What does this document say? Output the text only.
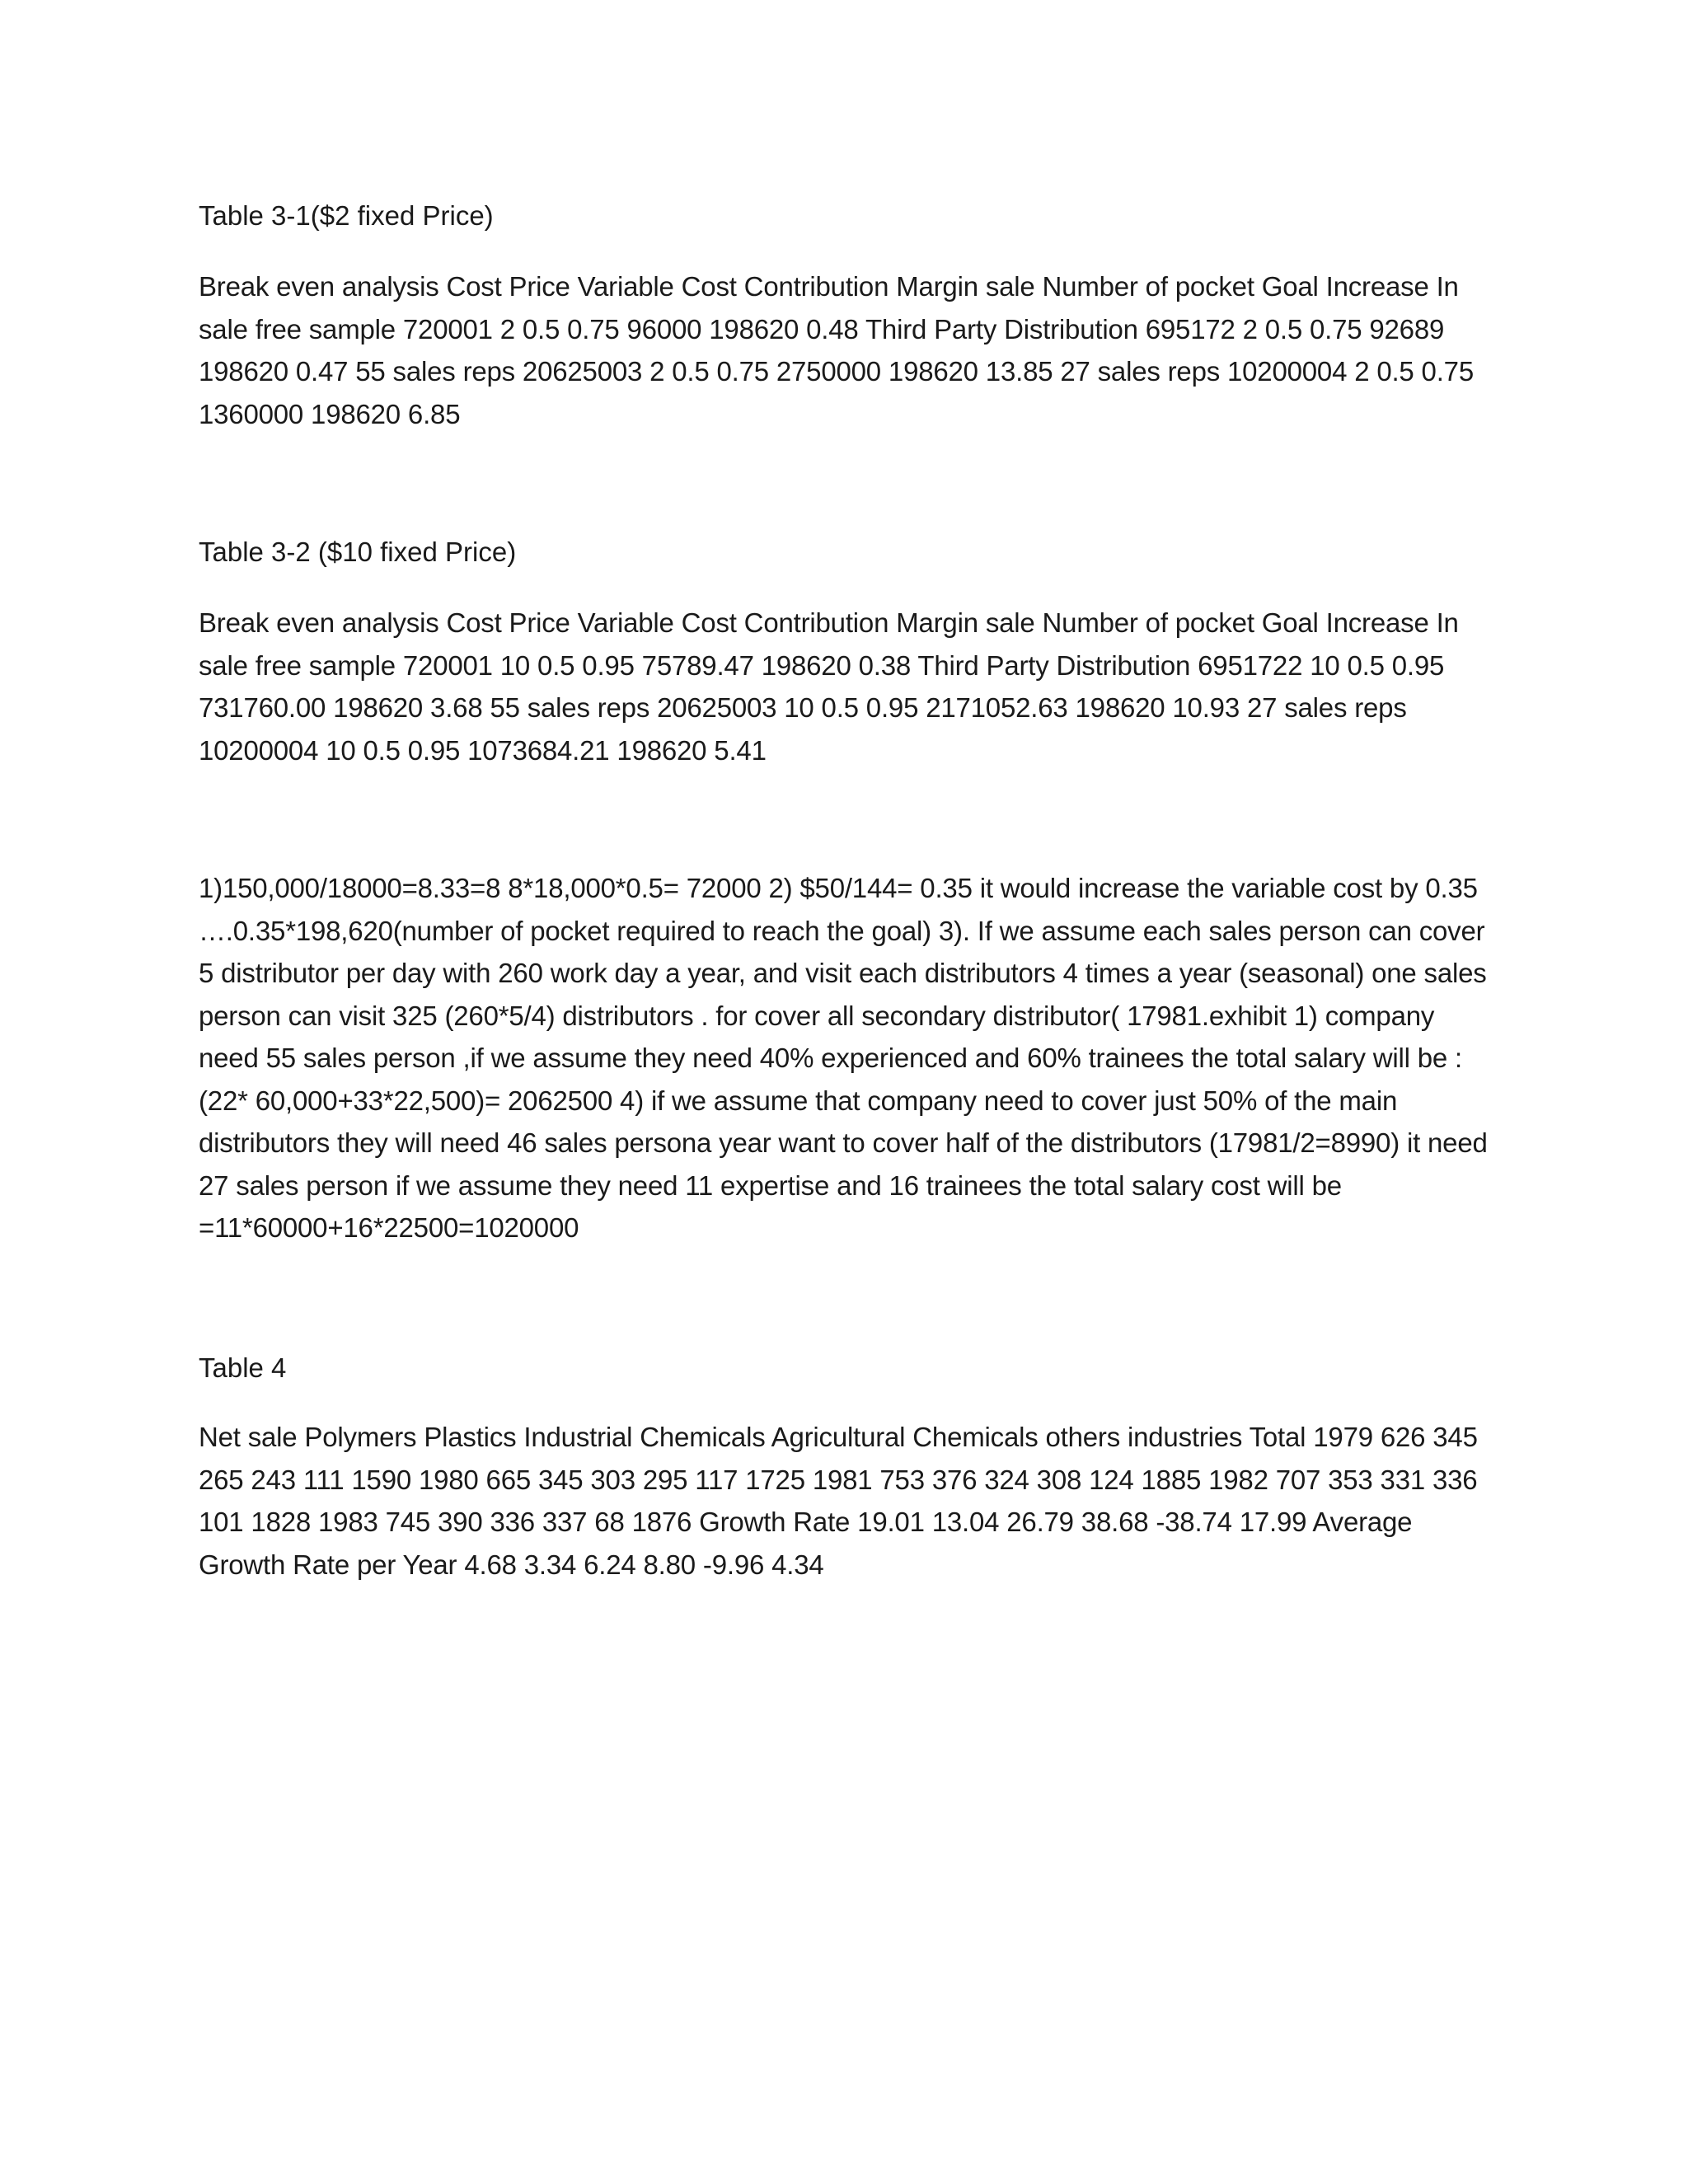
Table 3-1($2 fixed Price)

Break even analysis Cost Price Variable Cost Contribution Margin sale Number of pocket Goal Increase In sale free sample 720001 2 0.5 0.75 96000 198620 0.48 Third Party Distribution 695172 2 0.5 0.75 92689 198620 0.47 55 sales reps 20625003 2 0.5 0.75 2750000 198620 13.85 27 sales reps 10200004 2 0.5 0.75 1360000 198620 6.85

Table 3-2 ($10 fixed Price)

Break even analysis Cost Price Variable Cost Contribution Margin sale Number of pocket Goal Increase In sale free sample 720001 10 0.5 0.95 75789.47 198620 0.38 Third Party Distribution 6951722 10 0.5 0.95 731760.00 198620 3.68 55 sales reps 20625003 10 0.5 0.95 2171052.63 198620 10.93 27 sales reps 10200004 10 0.5 0.95 1073684.21 198620 5.41

1)150,000/18000=8.33=8 8*18,000*0.5= 72000 2) $50/144= 0.35 it would increase the variable cost by 0.35 ….0.35*198,620(number of pocket required to reach the goal) 3). If we assume each sales person can cover 5 distributor per day with 260 work day a year, and visit each distributors 4 times a year (seasonal) one sales person can visit 325 (260*5/4) distributors . for cover all secondary distributor( 17981.exhibit 1) company need 55 sales person ,if we assume they need 40% experienced and 60% trainees the total salary will be : (22* 60,000+33*22,500)= 2062500 4) if we assume that company need to cover just 50% of the main distributors they will need 46 sales persona year want to cover half of the distributors (17981/2=8990) it need 27 sales person if we assume they need 11 expertise and 16 trainees the total salary cost will be =11*60000+16*22500=1020000

Table 4

Net sale Polymers Plastics Industrial Chemicals Agricultural Chemicals others industries Total 1979 626 345 265 243 111 1590 1980 665 345 303 295 117 1725 1981 753 376 324 308 124 1885 1982 707 353 331 336 101 1828 1983 745 390 336 337 68 1876 Growth Rate 19.01 13.04 26.79 38.68 -38.74 17.99 Average Growth Rate per Year 4.68 3.34 6.24 8.80 -9.96 4.34
